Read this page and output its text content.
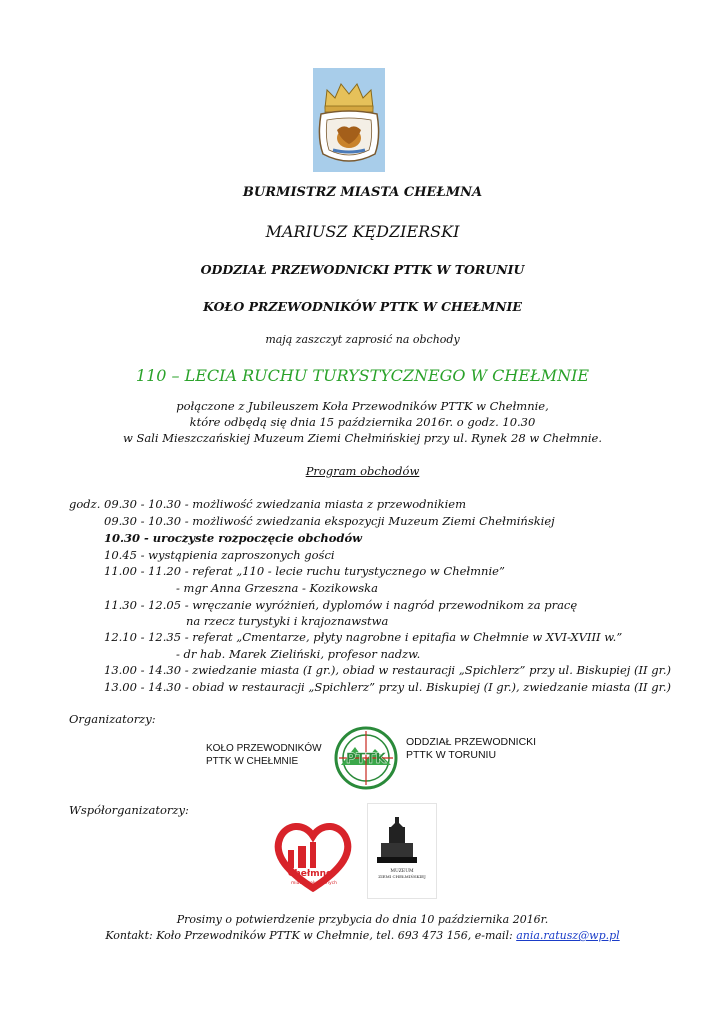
BURMISTRZ MIASTA CHEŁMNA
MARIUSZ KĘDZIERSKI
ODDZIAŁ PRZEWODNICKI PTTK W TORUNIU
KOŁO PRZEWODNIKÓW PTTK W CHEŁMNIE
mają zaszczyt zaprosić na obchody
110 – LECIA RUCHU TURYSTYCZNEGO W CHEŁMNIE
połączone z Jubileuszem Koła Przewodników PTTK w Chełmnie,
które odbędą się dnia 15 października 2016r. o godz. 10.30
w Sali Mieszczańskiej Muzeum Ziemi Chełmińskiej przy ul. Rynek 28 w Chełmnie.
Program obchodów
godz. 09.30 - 10.30 - możliwość zwiedzania miasta z przewodnikiem
09.30 - 10.30 - możliwość zwiedzania ekspozycji Muzeum Ziemi Chełmińskiej
10.30 - uroczyste rozpoczęcie obchodów
10.45 - wystąpienia zaproszonych gości
11.00 - 11.20 - referat „110 - lecie ruchu turystycznego w Chełmnie”
- mgr Anna Grzeszna - Kozikowska
11.30 - 12.05 - wręczanie wyróżnień, dyplomów i nagród przewodnikom za pracę
na rzecz turystyki i krajoznawstwa
12.10 - 12.35 - referat „Cmentarze, płyty nagrobne i epitafia w Chełmnie w XVI-XVIII w.”
- dr hab. Marek Zieliński, profesor nadzw.
13.00 - 14.30 - zwiedzanie miasta (I gr.), obiad w restauracji „Spichlerz” przy ul. Biskupiej (II gr.)
13.00 - 14.30 - obiad w restauracji „Spichlerz” przy ul. Biskupiej (I gr.), zwiedzanie miasta (II gr.)
Organizatorzy:
KOŁO PRZEWODNIKÓW
PTTK W CHEŁMNIE	PTTK
ODDZIAŁ PRZEWODNICKI
PTTK W TORUNIU
Współorganizatorzy:
Chełmno
miasto zakochanych
MUZEUM
ZIEMI CHEŁMIŃSKIEJ
Prosimy o potwierdzenie przybycia do dnia 10 października 2016r.
Kontakt: Koło Przewodników PTTK w Chełmnie, tel. 693 473 156, e-mail: ania.ratusz@wp.pl
